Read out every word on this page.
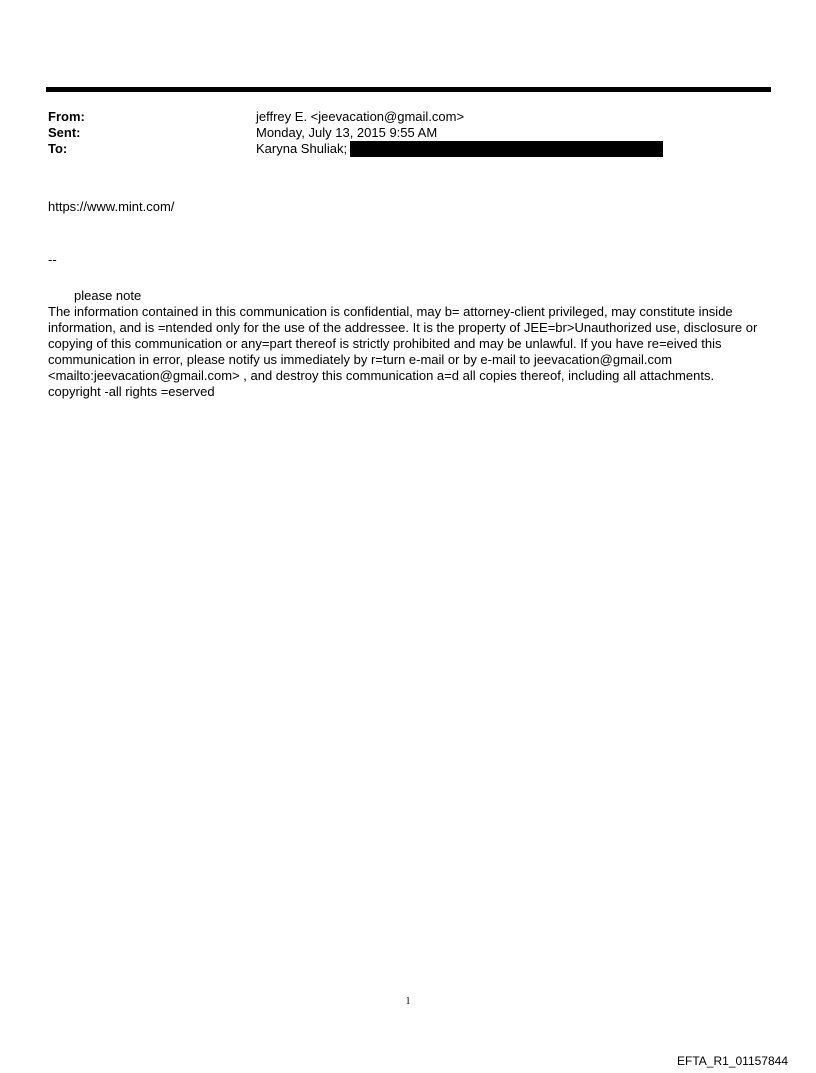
From:	jeffrey E. <jeevacation@gmail.com>
Sent:	Monday, July 13, 2015 9:55 AM
To:	Karyna Shuliak;
https://www.mint.com/
--
please note
The information contained in this communication is confidential, may b= attorney-client privileged, may constitute inside information, and is =ntended only for the use of the addressee. It is the property of JEE=br>Unauthorized use, disclosure or copying of this communication or any=part thereof is strictly prohibited and may be unlawful. If you have re=eived this communication in error, please notify us immediately by r=turn e-mail or by e-mail to jeevacation@gmail.com <mailto:jeevacation@gmail.com> , and destroy this communication a=d all copies thereof, including all attachments. copyright -all rights =eserved
1
EFTA_R1_01157844
